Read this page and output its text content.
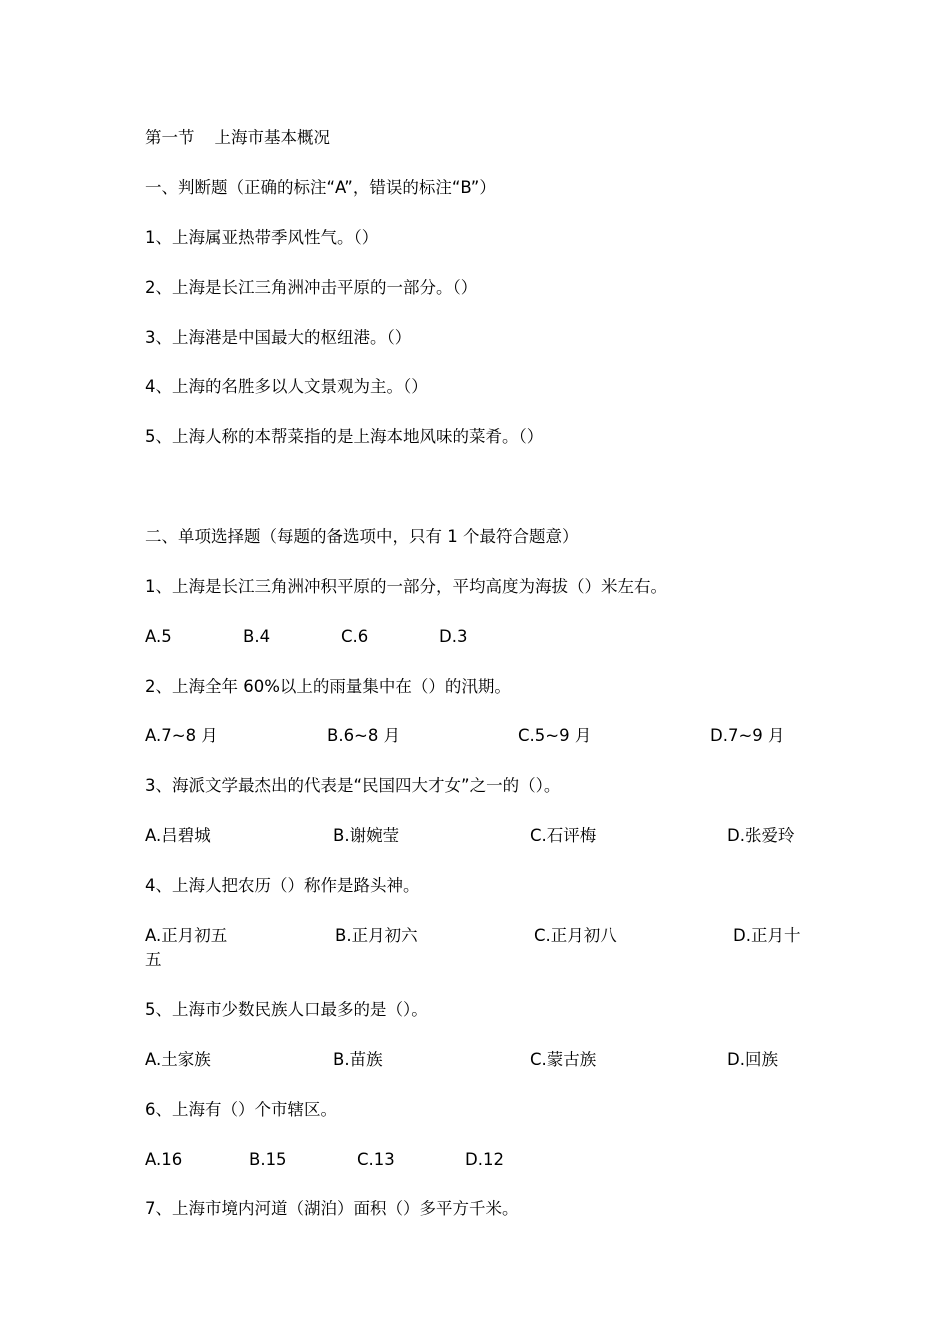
第一节 上海市基本概况
一、判断题（正确的标注“A”，错误的标注“B”）
1、上海属亚热带季风性气。（）
2、上海是长江三角洲冲击平原的一部分。（）
3、上海港是中国最大的枢纽港。（）
4、上海的名胜多以人文景观为主。（）
5、上海人称的本帮菜指的是上海本地风味的菜肴。（）
二、单项选择题（每题的备选项中，只有 1 个最符合题意）
1、上海是长江三角洲冲积平原的一部分，平均高度为海拔（）米左右。
A.5	B.4	C.6	D.3
2、上海全年 60%以上的雨量集中在（）的汛期。
A.7~8 月	B.6~8 月	C.5~9 月	D.7~9 月
3、海派文学最杰出的代表是“民国四大才女”之一的（）。
A.吕碧城	B.谢婉莹	C.石评梅	D.张爱玲
4、上海人把农历（）称作是路头神。
A.正月初五	B.正月初六	C.正月初八	D.正月十五
5、上海市少数民族人口最多的是（）。
A.土家族	B.苗族	C.蒙古族	D.回族
6、上海有（）个市辖区。
A.16	B.15	C.13	D.12
7、上海市境内河道（湖泊）面积（）多平方千米。
